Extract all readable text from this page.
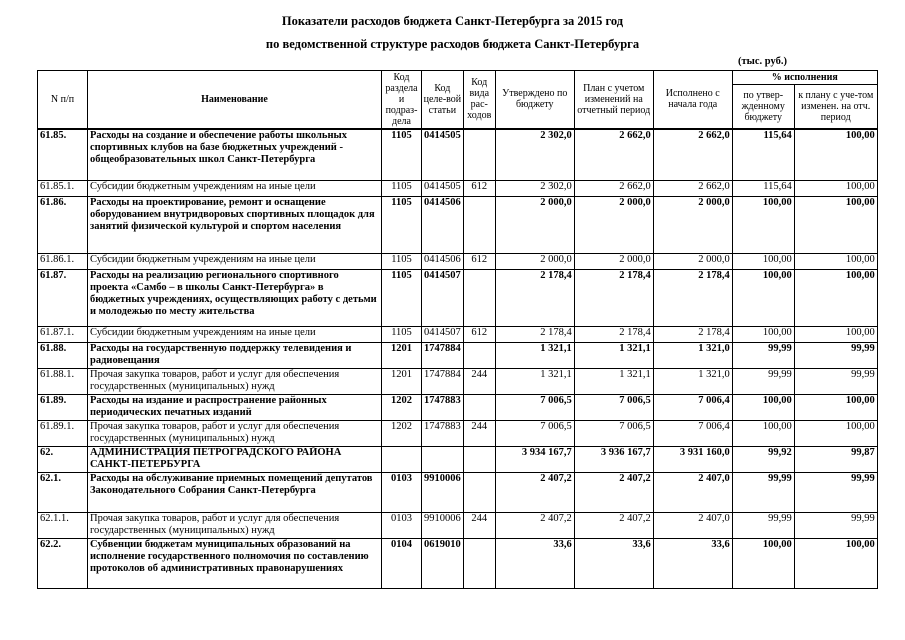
Показатели расходов бюджета Санкт-Петербурга за 2015 год
по ведомственной структуре расходов бюджета Санкт-Петербурга
(тыс. руб.)
N п/п	Наименование	Код раздела и подраз-дела	Код целе-вой статьи	Код вида рас-ходов	Утверждено по бюджету	План с учетом изменений на отчетный период	Исполнено с начала года	% исполнения	
								по утвер-жденному бюджету	к плану с уче-том изменен. на отч. период
61.85.	Расходы на создание и обеспечение работы школьных спортивных клубов на базе бюджетных учреждений - общеобразовательных школ Санкт-Петербурга	1105	0414505		2 302,0	2 662,0	2 662,0	115,64	100,00
61.85.1.	Субсидии бюджетным учреждениям на иные цели	1105	0414505	612	2 302,0	2 662,0	2 662,0	115,64	100,00
61.86.	Расходы на проектирование, ремонт и оснащение оборудованием внутридворовых спортивных площадок для занятий физической культурой и спортом населения	1105	0414506		2 000,0	2 000,0	2 000,0	100,00	100,00
61.86.1.	Субсидии бюджетным учреждениям на иные цели	1105	0414506	612	2 000,0	2 000,0	2 000,0	100,00	100,00
61.87.	Расходы на реализацию регионального спортивного проекта «Самбо – в школы Санкт-Петербурга» в бюджетных учреждениях, осуществляющих работу с детьми и молодежью по месту жительства	1105	0414507		2 178,4	2 178,4	2 178,4	100,00	100,00
61.87.1.	Субсидии бюджетным учреждениям на иные цели	1105	0414507	612	2 178,4	2 178,4	2 178,4	100,00	100,00
61.88.	Расходы на государственную поддержку телевидения и радиовещания	1201	1747884		1 321,1	1 321,1	1 321,0	99,99	99,99
61.88.1.	Прочая закупка товаров, работ и услуг для обеспечения государственных (муниципальных) нужд	1201	1747884	244	1 321,1	1 321,1	1 321,0	99,99	99,99
61.89.	Расходы на издание и распространение районных периодических печатных изданий	1202	1747883		7 006,5	7 006,5	7 006,4	100,00	100,00
61.89.1.	Прочая закупка товаров, работ и услуг для обеспечения государственных (муниципальных) нужд	1202	1747883	244	7 006,5	7 006,5	7 006,4	100,00	100,00
62.	АДМИНИСТРАЦИЯ ПЕТРОГРАДСКОГО РАЙОНА САНКТ-ПЕТЕРБУРГА				3 934 167,7	3 936 167,7	3 931 160,0	99,92	99,87
62.1.	Расходы на обслуживание приемных помещений депутатов Законодательного Собрания Санкт-Петербурга	0103	9910006		2 407,2	2 407,2	2 407,0	99,99	99,99
62.1.1.	Прочая закупка товаров, работ и услуг для обеспечения государственных (муниципальных) нужд	0103	9910006	244	2 407,2	2 407,2	2 407,0	99,99	99,99
62.2.	Субвенции бюджетам муниципальных образований на исполнение государственного полномочия по составлению протоколов об административных правонарушениях	0104	0619010		33,6	33,6	33,6	100,00	100,00
